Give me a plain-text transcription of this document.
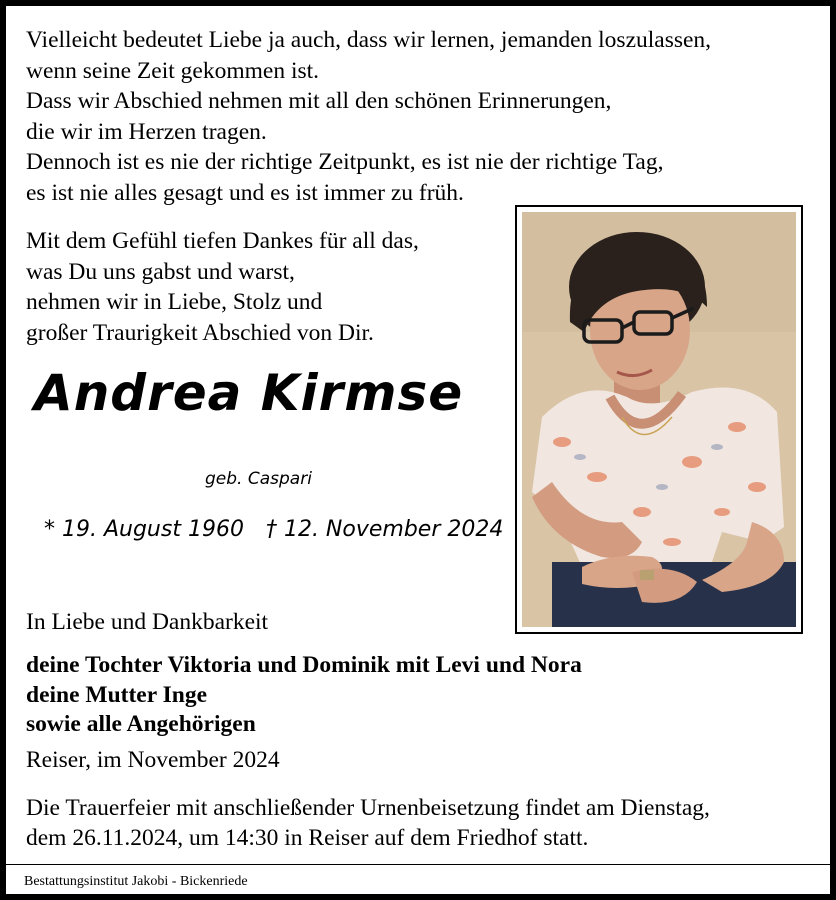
Vielleicht bedeutet Liebe ja auch, dass wir lernen, jemanden loszulassen,
wenn seine Zeit gekommen ist.
Dass wir Abschied nehmen mit all den schönen Erinnerungen,
die wir im Herzen tragen.
Dennoch ist es nie der richtige Zeitpunkt, es ist nie der richtige Tag,
es ist nie alles gesagt und es ist immer zu früh.
Mit dem Gefühl tiefen Dankes für all das,
was Du uns gabst und warst,
nehmen wir in Liebe, Stolz und
großer Traurigkeit Abschied von Dir.
Andrea Kirmse
geb. Caspari
* 19. August 1960 † 12. November 2024
In Liebe und Dankbarkeit
deine Tochter Viktoria und Dominik mit Levi und Nora
deine Mutter Inge
sowie alle Angehörigen
Reiser, im November 2024
Die Trauerfeier mit anschließender Urnenbeisetzung findet am Dienstag,
dem 26.11.2024, um 14:30 in Reiser auf dem Friedhof statt.
Bestattungsinstitut Jakobi - Bickenriede
